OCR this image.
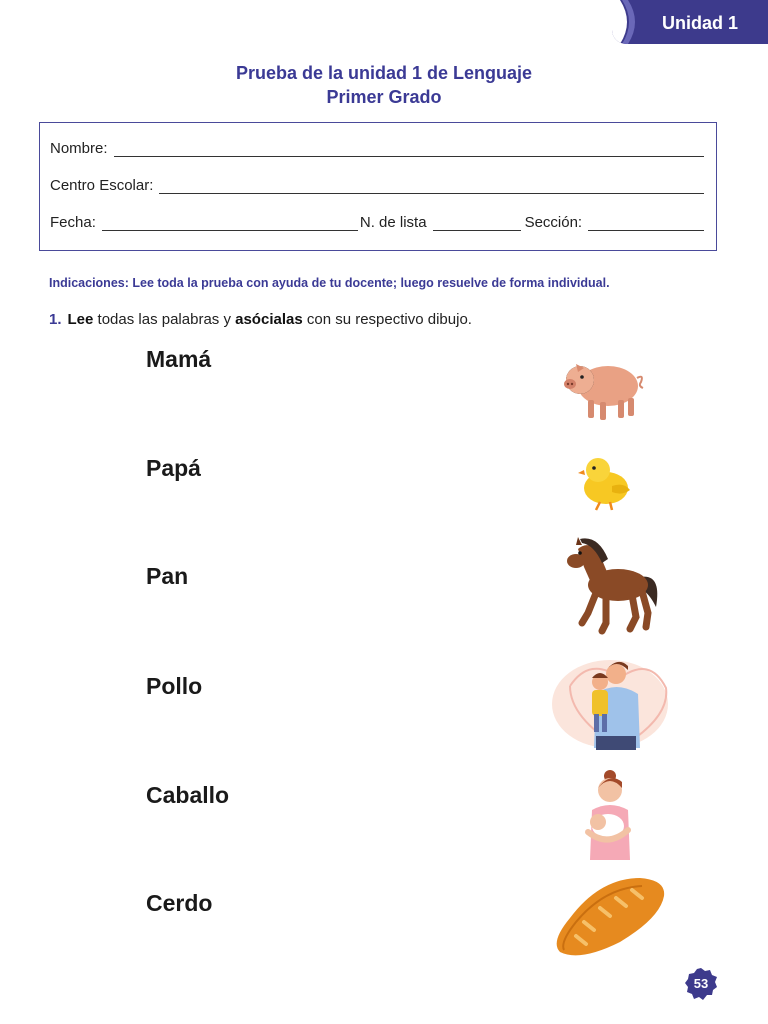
Unidad 1
Prueba de la unidad 1 de Lenguaje
Primer Grado
Nombre:
Centro Escolar:
Fecha:	N. de lista	Sección:
Indicaciones: Lee toda la prueba con ayuda de tu docente; luego resuelve de forma individual.
1. Lee todas las palabras y asócialas con su respectivo dibujo.
Mamá
Papá
Pan
Pollo
Caballo
Cerdo
53
